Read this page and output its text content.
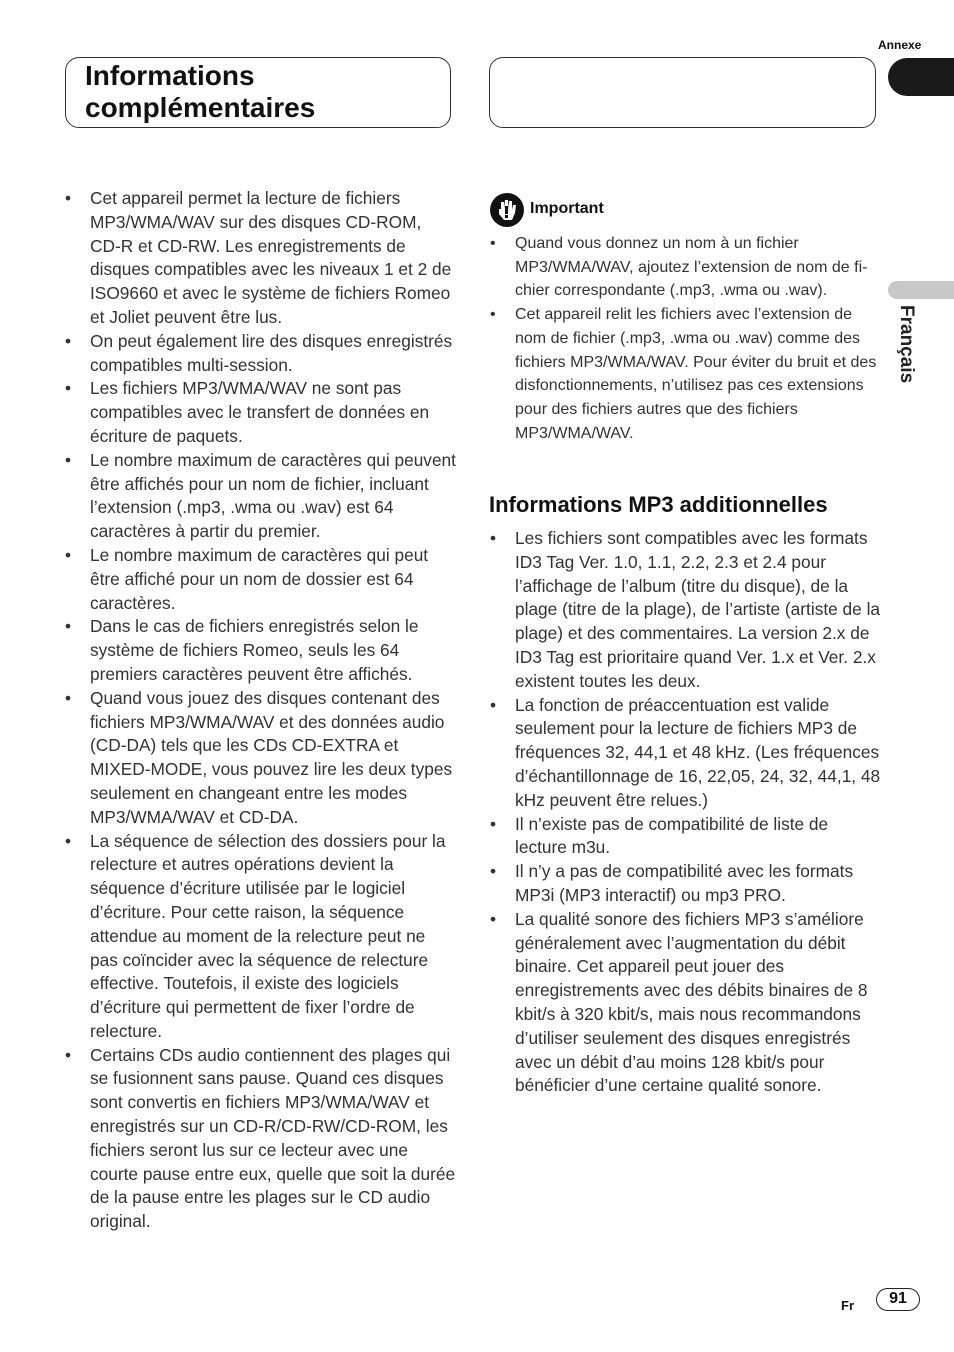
Annexe
Français
Informations complémentaires
• Cet appareil permet la lecture de fichiers MP3/WMA/WAV sur des disques CD-ROM, CD-R et CD-RW. Les enregistrements de disques compatibles avec les niveaux 1 et 2 de ISO9660 et avec le système de fichiers Romeo et Joliet peuvent être lus.
• On peut également lire des disques enregistrés compatibles multi-session.
• Les fichiers MP3/WMA/WAV ne sont pas compatibles avec le transfert de données en écriture de paquets.
• Le nombre maximum de caractères qui peuvent être affichés pour un nom de fichier, incluant l’extension (.mp3, .wma ou .wav) est 64 caractères à partir du premier.
• Le nombre maximum de caractères qui peut être affiché pour un nom de dossier est 64 caractères.
• Dans le cas de fichiers enregistrés selon le système de fichiers Romeo, seuls les 64 premiers caractères peuvent être affichés.
• Quand vous jouez des disques contenant des fichiers MP3/WMA/WAV et des données audio (CD-DA) tels que les CDs CD-EXTRA et MIXED-MODE, vous pouvez lire les deux types seulement en changeant entre les modes MP3/WMA/WAV et CD-DA.
• La séquence de sélection des dossiers pour la relecture et autres opérations devient la séquence d’écriture utilisée par le logiciel d’écriture. Pour cette raison, la séquence attendue au moment de la relecture peut ne pas coïncider avec la séquence de relecture effective. Toutefois, il existe des logiciels d’écriture qui permettent de fixer l’ordre de relecture.
• Certains CDs audio contiennent des plages qui se fusionnent sans pause. Quand ces disques sont convertis en fichiers MP3/WMA/WAV et enregistrés sur un CD-R/CD-RW/CD-ROM, les fichiers seront lus sur ce lecteur avec une courte pause entre eux, quelle que soit la durée de la pause entre les plages sur le CD audio original.
Important
• Quand vous donnez un nom à un fichier MP3/WMA/WAV, ajoutez l’extension de nom de fichier correspondante (.mp3, .wma ou .wav).
• Cet appareil relit les fichiers avec l’extension de nom de fichier (.mp3, .wma ou .wav) comme des fichiers MP3/WMA/WAV. Pour éviter du bruit et des disfonctionnements, n’utilisez pas ces extensions pour des fichiers autres que des fichiers MP3/WMA/WAV.
Informations MP3 additionnelles
• Les fichiers sont compatibles avec les formats ID3 Tag Ver. 1.0, 1.1, 2.2, 2.3 et 2.4 pour l’affichage de l’album (titre du disque), de la plage (titre de la plage), de l’artiste (artiste de la plage) et des commentaires. La version 2.x de ID3 Tag est prioritaire quand Ver. 1.x et Ver. 2.x existent toutes les deux.
• La fonction de préaccentuation est valide seulement pour la lecture de fichiers MP3 de fréquences 32, 44,1 et 48 kHz. (Les fréquences d’échantillonnage de 16, 22,05, 24, 32, 44,1, 48 kHz peuvent être relues.)
• Il n’existe pas de compatibilité de liste de lecture m3u.
• Il n’y a pas de compatibilité avec les formats MP3i (MP3 interactif) ou mp3 PRO.
• La qualité sonore des fichiers MP3 s’améliore généralement avec l’augmentation du débit binaire. Cet appareil peut jouer des enregistrements avec des débits binaires de 8 kbit/s à 320 kbit/s, mais nous recommandons d’utiliser seulement des disques enregistrés avec un débit d’au moins 128 kbit/s pour bénéficier d’une certaine qualité sonore.
Fr	91
